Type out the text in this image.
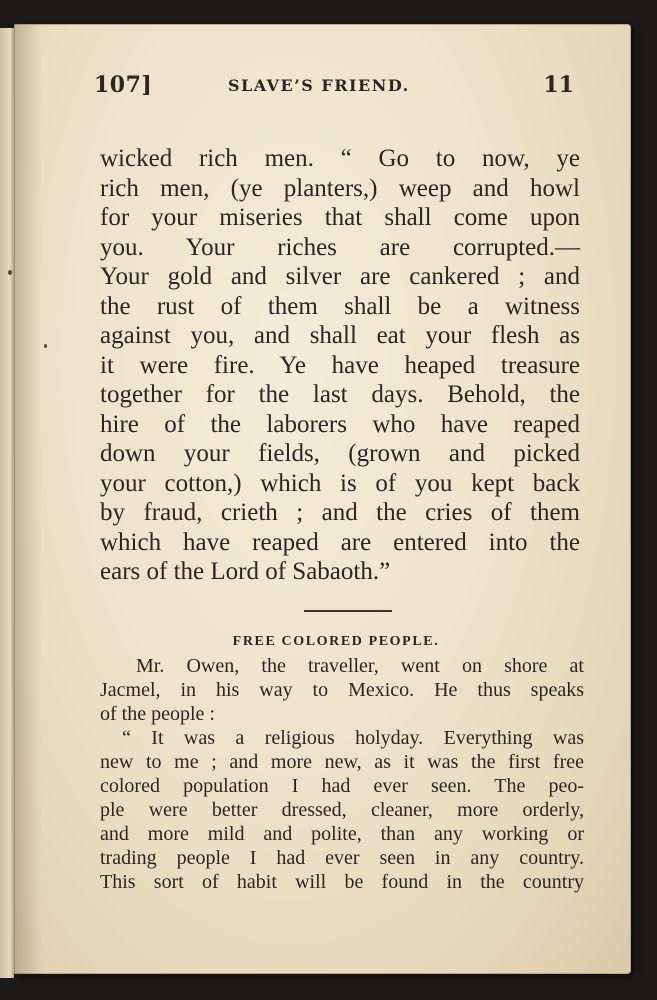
107]	SLAVE’S FRIEND.	11
wicked rich men. “ Go to now, ye
rich men, (ye planters,) weep and howl
for your miseries that shall come upon
you. Your riches are corrupted.—
Your gold and silver are cankered ; and
the rust of them shall be a witness
against you, and shall eat your flesh as
it were fire. Ye have heaped treasure
together for the last days. Behold, the
hire of the laborers who have reaped
down your fields, (grown and picked
your cotton,) which is of you kept back
by fraud, crieth ; and the cries of them
which have reaped are entered into the
ears of the Lord of Sabaoth.”
FREE COLORED PEOPLE.
Mr. Owen, the traveller, went on shore at
Jacmel, in his way to Mexico. He thus speaks
of the people :
“ It was a religious holyday. Everything was
new to me ; and more new, as it was the first free
colored population I had ever seen. The peo-
ple were better dressed, cleaner, more orderly,
and more mild and polite, than any working or
trading people I had ever seen in any country.
This sort of habit will be found in the country
